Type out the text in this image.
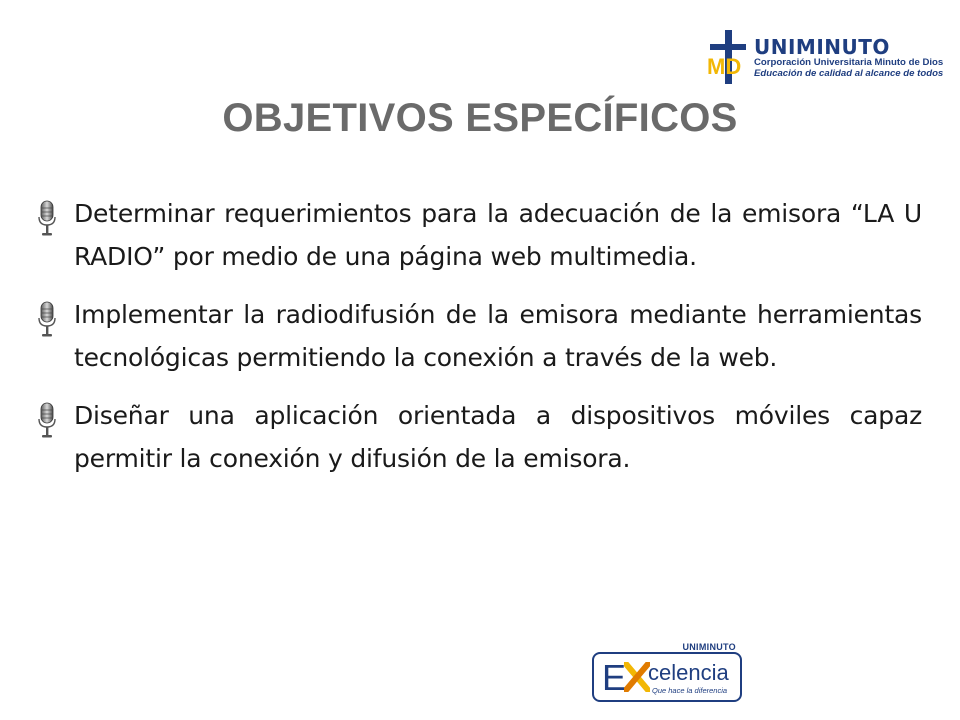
MD
UNIMINUTO
Corporación Universitaria Minuto de Dios
Educación de calidad al alcance de todos
OBJETIVOS ESPECÍFICOS
Determinar requerimientos para la adecuación de la emisora “LA U RADIO” por medio de una página web multimedia.
Implementar la radiodifusión de la emisora mediante herramientas tecnológicas permitiendo la conexión a través de la web.
Diseñar una aplicación orientada a dispositivos móviles capaz permitir la conexión y difusión de la emisora.
UNIMINUTO
E celencia
Que hace la diferencia
